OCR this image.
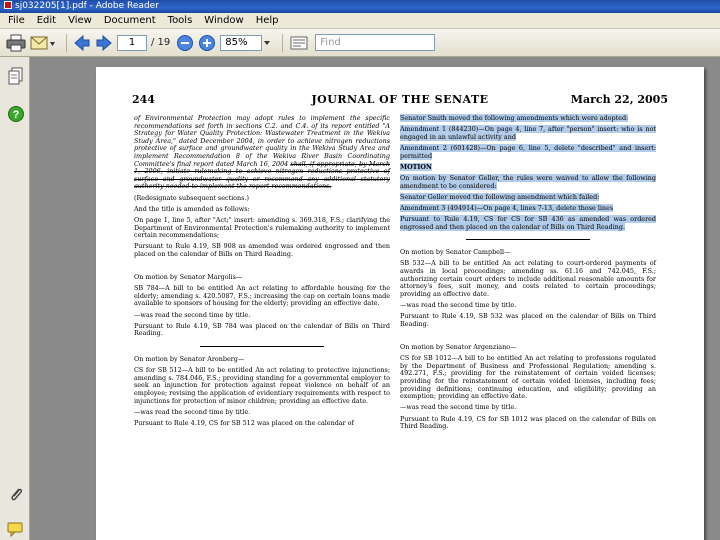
sj032205[1].pdf - Adobe Reader
File	Edit	View	Document	Tools	Window	Help
1	/ 19	85%	Find
?
244	JOURNAL OF THE SENATE	March 22, 2005
of Environmental Protection may adopt rules to implement the specific recommendations set forth in sections C.2. and C.4. of its report entitled "A Strategy for Water Quality Protection: Wastewater Treatment in the Wekiva Study Area," dated December 2004, in order to achieve nitrogen reductions protective of surface and groundwater quality in the Wekiva Study Area and implement Recommendation 8 of the Wekiva River Basin Coordinating Committee's final report dated March 16, 2004 shall, if appropriate, by March 1, 2006, initiate rulemaking to achieve nitrogen reductions protective of surface and groundwater quality or recommend any additional statutory authority needed to implement the report recommendations.
(Redesignate subsequent sections.)
And the title is amended as follows:
On page 1, line 5, after "Act;" insert: amending s. 369.318, F.S.; clarifying the Department of Environmental Protection's rulemaking authority to implement certain recommendations;
Pursuant to Rule 4.19, SB 908 as amended was ordered engrossed and then placed on the calendar of Bills on Third Reading.
On motion by Senator Margolis—
SB 784—A bill to be entitled An act relating to affordable housing for the elderly; amending s. 420.5087, F.S.; increasing the cap on certain loans made available to sponsors of housing for the elderly; providing an effective date.
—was read the second time by title.
Pursuant to Rule 4.19, SB 784 was placed on the calendar of Bills on Third Reading.
On motion by Senator Aronberg—
CS for SB 512—A bill to be entitled An act relating to protective injunctions; amending s. 784.046, F.S.; providing standing for a governmental employer to seek an injunction for protection against repeat violence on behalf of an employee; revising the application of evidentiary requirements with respect to injunctions for protection of minor children; providing an effective date.
—was read the second time by title.
Pursuant to Rule 4.19, CS for SB 512 was placed on the calendar of
Senator Smith moved the following amendments which were adopted:
Amendment 1 (844230)—On page 4, line 7, after "person" insert: who is not engaged in an unlawful activity and
Amendment 2 (601428)—On page 6, line 5, delete "described" and insert: permitted
MOTION
On motion by Senator Geller, the rules were waived to allow the following amendment to be considered:
Senator Geller moved the following amendment which failed:
Amendment 3 (494914)—On page 4, lines 7-13, delete those lines
Pursuant to Rule 4.19, CS for CS for SB 436 as amended was ordered engrossed and then placed on the calendar of Bills on Third Reading.
On motion by Senator Campbell—
SB 532—A bill to be entitled An act relating to court-ordered payments of awards in local proceedings; amending ss. 61.16 and 742.045, F.S.; authorizing certain court orders to include additional reasonable amounts for attorney's fees, suit money, and costs related to certain proceedings; providing an effective date.
—was read the second time by title.
Pursuant to Rule 4.19, SB 532 was placed on the calendar of Bills on Third Reading.
On motion by Senator Argenziano—
CS for SB 1012—A bill to be entitled An act relating to professions regulated by the Department of Business and Professional Regulation; amending s. 492.271, F.S.; providing for the reinstatement of certain voided licenses; providing for the reinstatement of certain voided licenses, including fees; providing definitions; continuing education, and eligibility; providing an exemption; providing an effective date.
—was read the second time by title.
Pursuant to Rule 4.19, CS for SB 1012 was placed on the calendar of Bills on Third Reading.
